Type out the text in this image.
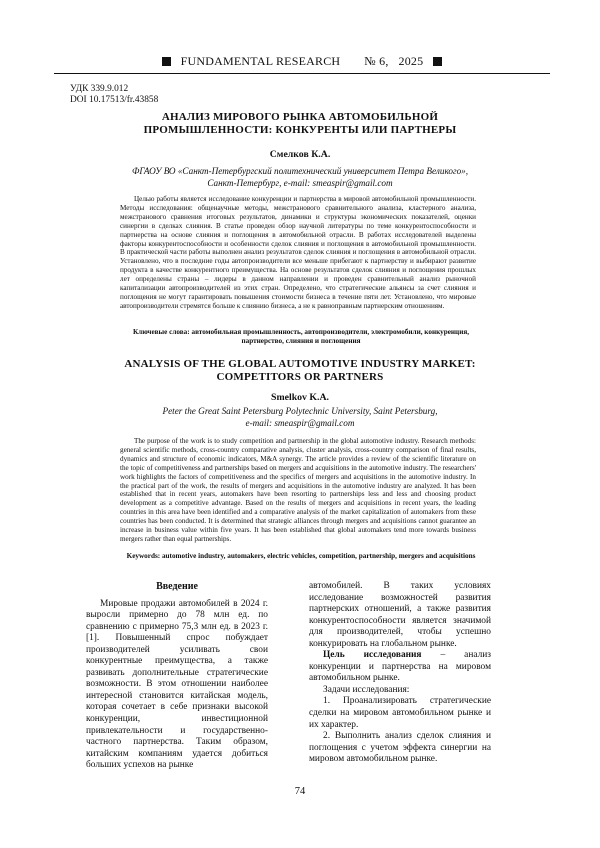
FUNDAMENTAL RESEARCH № 6, 2025
УДК 339.9.012
DOI 10.17513/fr.43858
АНАЛИЗ МИРОВОГО РЫНКА АВТОМОБИЛЬНОЙ
ПРОМЫШЛЕННОСТИ: КОНКУРЕНТЫ ИЛИ ПАРТНЕРЫ
Смелков К.А.
ФГАОУ ВО «Санкт-Петербургский политехнический университет Петра Великого»,
Санкт-Петербург, e-mail: smeaspir@gmail.com

Целью работы является исследование конкуренции и партнерства в мировой автомобильной промышленности. Методы исследования: общенаучные методы, межстранового сравнительного анализа, кластерного анализа, межстранового сравнения итоговых результатов, динамики и структуры экономических показателей, оценки синергии в сделках слияния. В статье проведен обзор научной литературы по теме конкурентоспособности и партнерства на основе слияния и поглощения в автомобильной отрасли. В работах исследователей выделены факторы конкурентоспособности и особенности сделок слияния и поглощения в автомобильной промышленности. В практической части работы выполнен анализ результатов сделок слияния и поглощения в автомобильной отрасли. Установлено, что в последние годы автопроизводители все меньше прибегают к партнерству и выбирают развитие продукта в качестве конкурентного преимущества. На основе результатов сделок слияния и поглощения прошлых лет определены страны – лидеры в данном направлении и проведен сравнительный анализ рыночной капитализации автопроизводителей из этих стран. Определено, что стратегические альянсы за счет слияния и поглощения не могут гарантировать повышения стоимости бизнеса в течение пяти лет. Установлено, что мировые автопроизводители стремятся больше к слиянию бизнеса, а не к равноправным партнерским отношениям.

Ключевые слова: автомобильная промышленность, автопроизводители, электромобили, конкуренция, партнерство, слияния и поглощения
ANALYSIS OF THE GLOBAL AUTOMOTIVE INDUSTRY MARKET:
COMPETITORS OR PARTNERS
Smelkov K.A.
Peter the Great Saint Petersburg Polytechnic University, Saint Petersburg,
e-mail: smeaspir@gmail.com

The purpose of the work is to study competition and partnership in the global automotive industry. Research methods: general scientific methods, cross-country comparative analysis, cluster analysis, cross-country comparison of final results, dynamics and structure of economic indicators, M&A synergy. The article provides a review of the scientific literature on the topic of competitiveness and partnerships based on mergers and acquisitions in the automotive industry. The researchers' work highlights the factors of competitiveness and the specifics of mergers and acquisitions in the automotive industry. In the practical part of the work, the results of mergers and acquisitions in the automotive industry are analyzed. It has been established that in recent years, automakers have been resorting to partnerships less and less and choosing product development as a competitive advantage. Based on the results of mergers and acquisitions in recent years, the leading countries in this area have been identified and a comparative analysis of the market capitalization of automakers from these countries has been conducted. It is determined that strategic alliances through mergers and acquisitions cannot guarantee an increase in business value within five years. It has been established that global automakers tend more towards business mergers rather than equal partnerships.

Keywords: automotive industry, automakers, electric vehicles, competition, partnership, mergers and acquisitions
Введение

Мировые продажи автомобилей в 2024 г. выросли примерно до 78 млн ед. по сравнению с примерно 75,3 млн ед. в 2023 г. [1]. Повышенный спрос побуждает производителей усиливать свои конкурентные преимущества, а также развивать дополнительные стратегические возможности. В этом отношении наиболее интересной становится китайская модель, которая сочетает в себе признаки высокой конкуренции, инвестиционной привлекательности и государственно-частного партнерства. Таким образом, китайским компаниям удается добиться больших успехов на рынке

автомобилей. В таких условиях исследование возможностей развития партнерских отношений, а также развития конкурентоспособности является значимой для производителей, чтобы успешно конкурировать на глобальном рынке.

Цель исследования – анализ конкуренции и партнерства на мировом автомобильном рынке.

Задачи исследования:

1. Проанализировать стратегические сделки на мировом автомобильном рынке и их характер.

2. Выполнить анализ сделок слияния и поглощения с учетом эффекта синергии на мировом автомобильном рынке.

74
